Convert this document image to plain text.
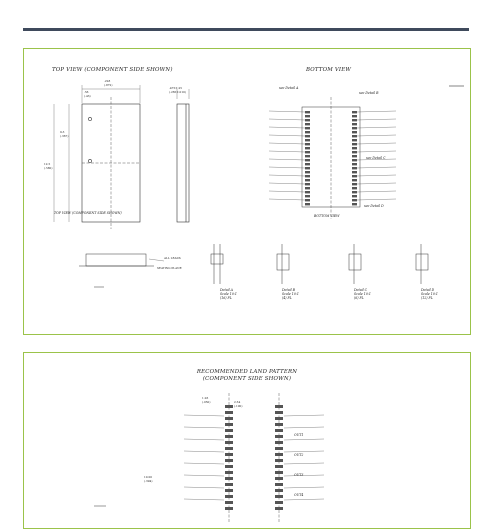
TOP VIEW (COMPONENT SIDE SHOWN)	BOTTOM VIEW
.228
(.872)
.56
(.43)
.475±.25
(.265±.010)
9.3
(.367)
12.5
(.580)
TOP VIEW (COMPONENT SIDE SHOWN)
see Detail A
see Detail B
see Detail C
see Detail D
BOTTOM VIEW
ALL LEADS
SEATING PLANE
Detail A
Scale 10:1
(16) PL
Detail B
Scale 10:1
(4) PL
Detail C
Scale 10:1
(6) PL
Detail D
Scale 10:1
(12) PL
RECOMMENDED LAND PATTERN
(COMPONENT SIDE SHOWN)
1.26
(.050)	2.54
(.100)
10.00
(.394)
OUT1
OUT2
OUT3
OUT4
